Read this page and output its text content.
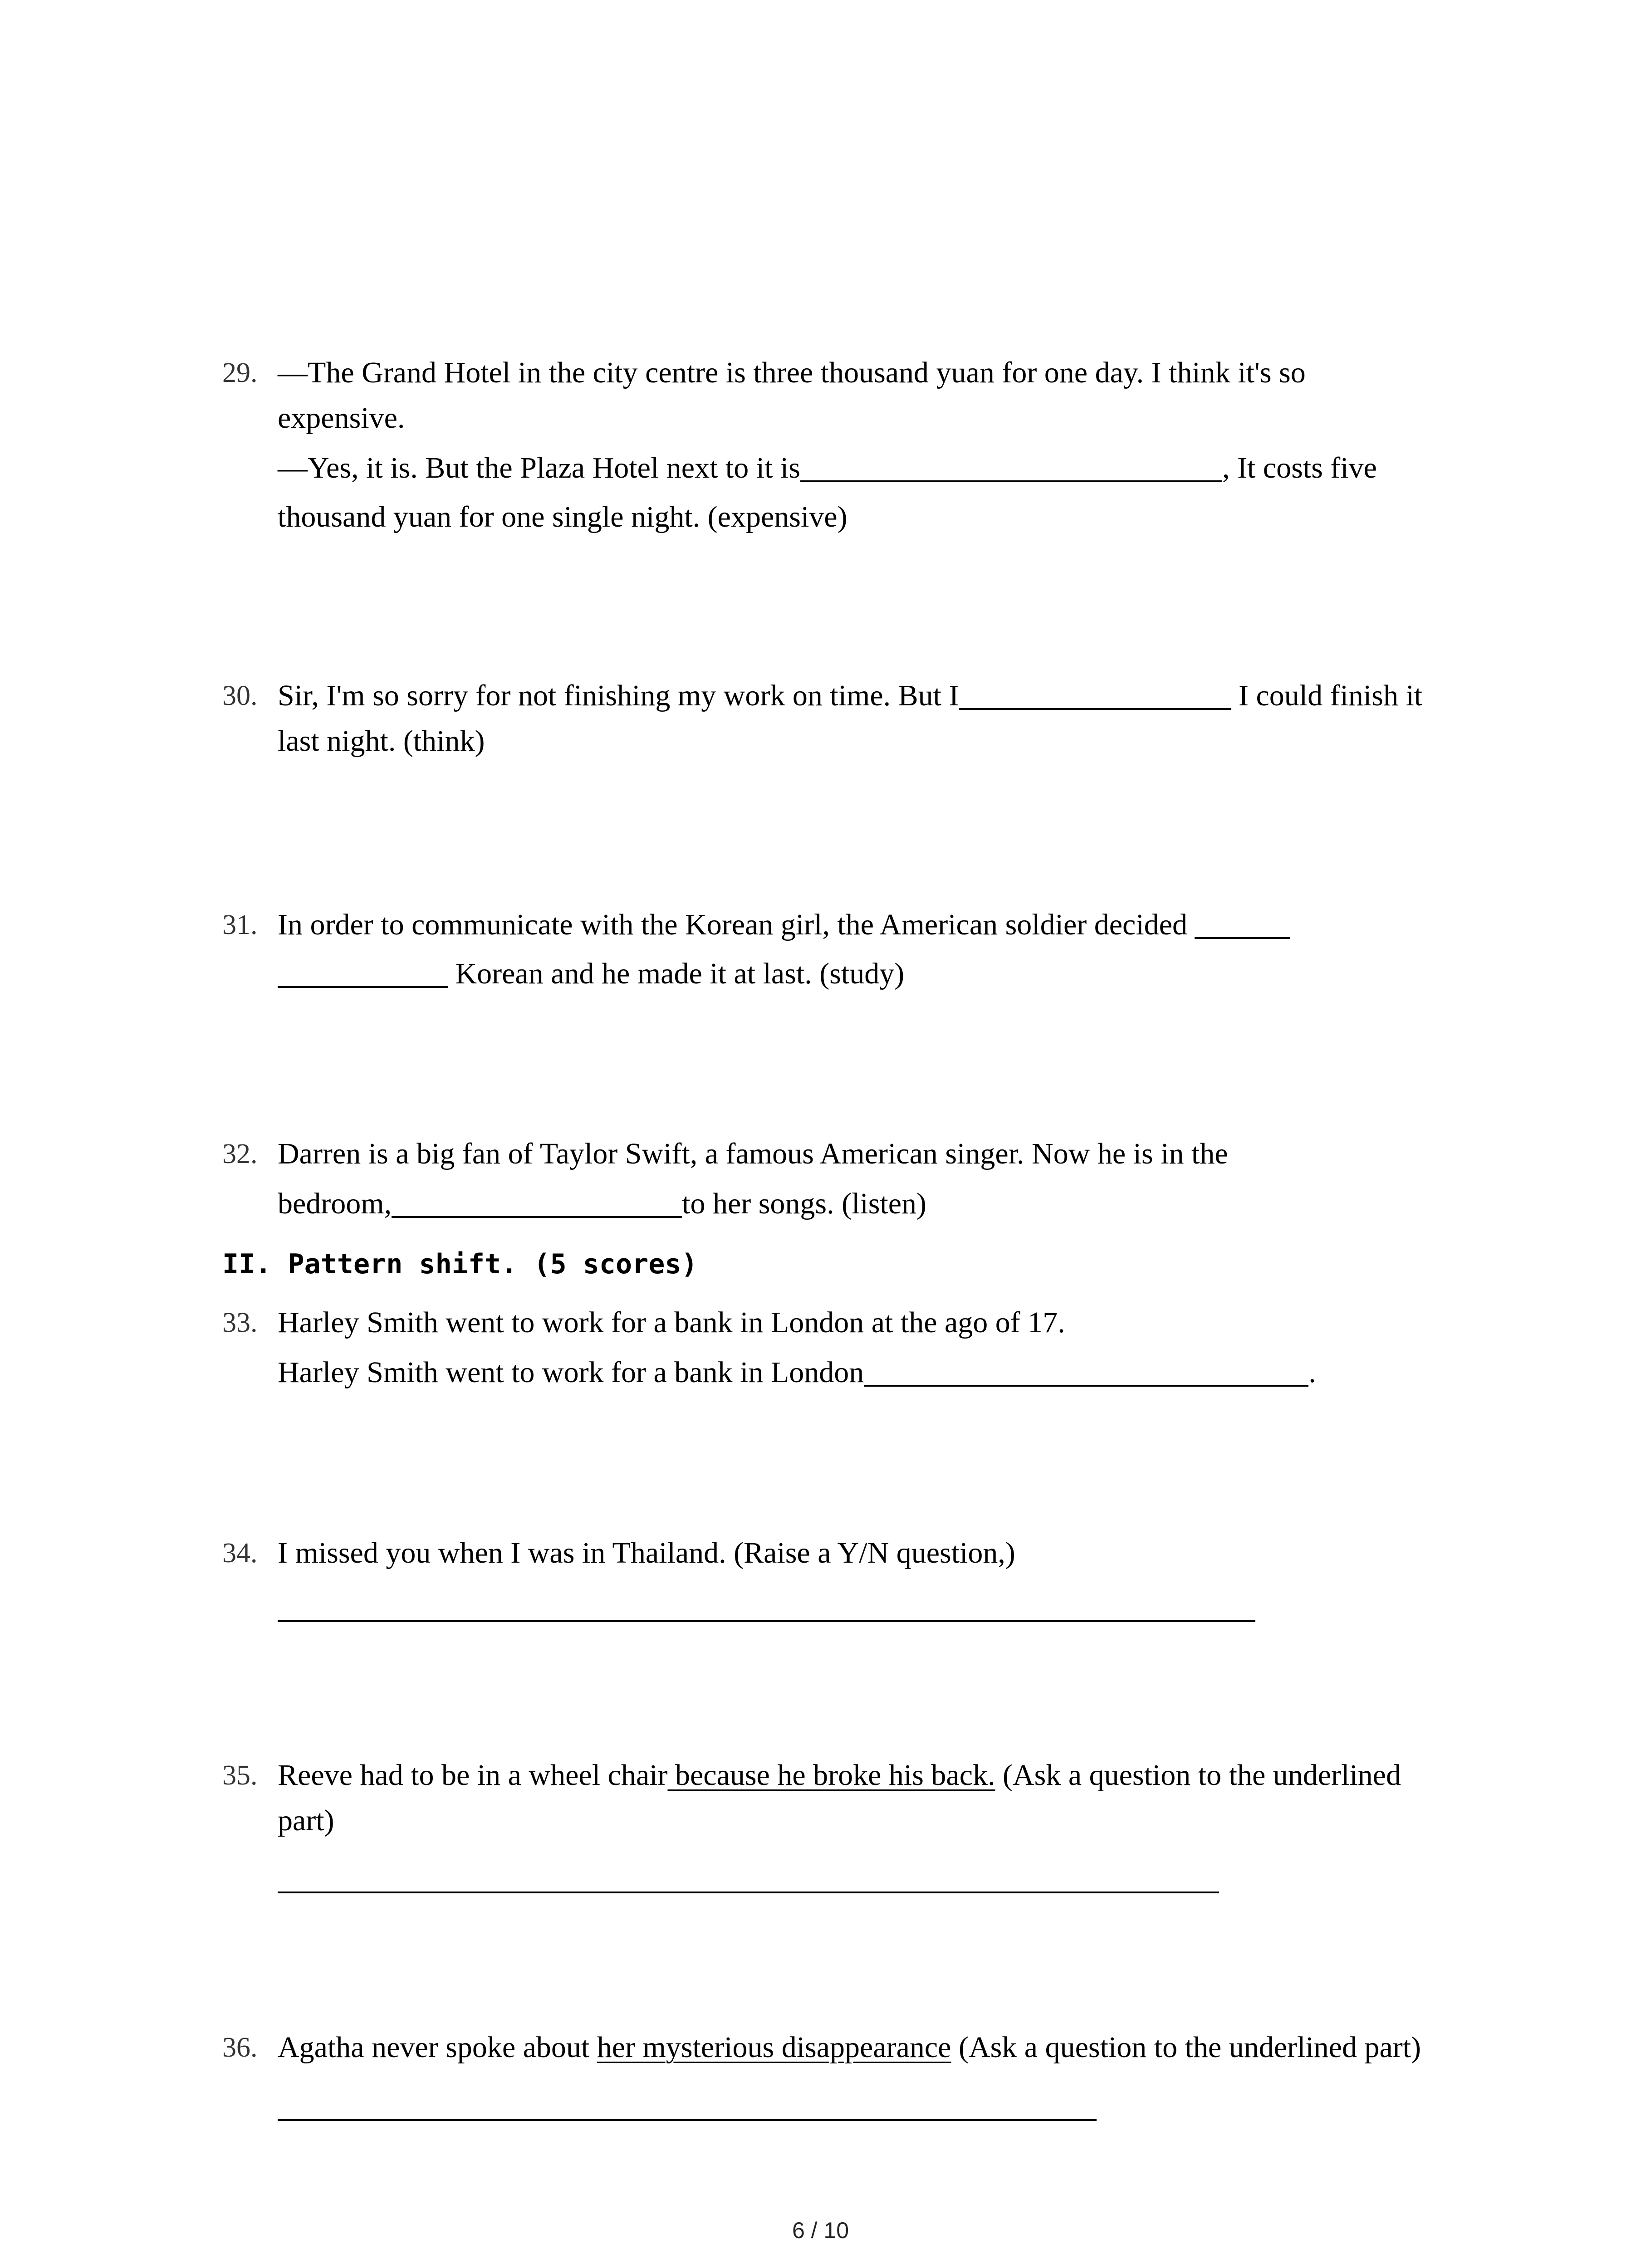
29. —The Grand Hotel in the city centre is three thousand yuan for one day. I think it's so
expensive.
—Yes, it is. But the Plaza Hotel next to it is	, It costs five
thousand yuan for one single night. (expensive)
30. Sir, I'm so sorry for not finishing my work on time. But I	I could finish it
last night. (think)
31. In order to communicate with the Korean girl, the American soldier decided
Korean and he made it at last. (study)
32. Darren is a big fan of Taylor Swift, a famous American singer. Now he is in the
bedroom,	to her songs. (listen)
II. Pattern shift. (5 scores)
33. Harley Smith went to work for a bank in London at the ago of 17.
Harley Smith went to work for a bank in London	.
34. I missed you when I was in Thailand. (Raise a Y/N question,)
35. Reeve had to be in a wheel chair because he broke his back. (Ask a question to the underlined
part)
36. Agatha never spoke about her mysterious disappearance (Ask a question to the underlined part)
6 / 10
